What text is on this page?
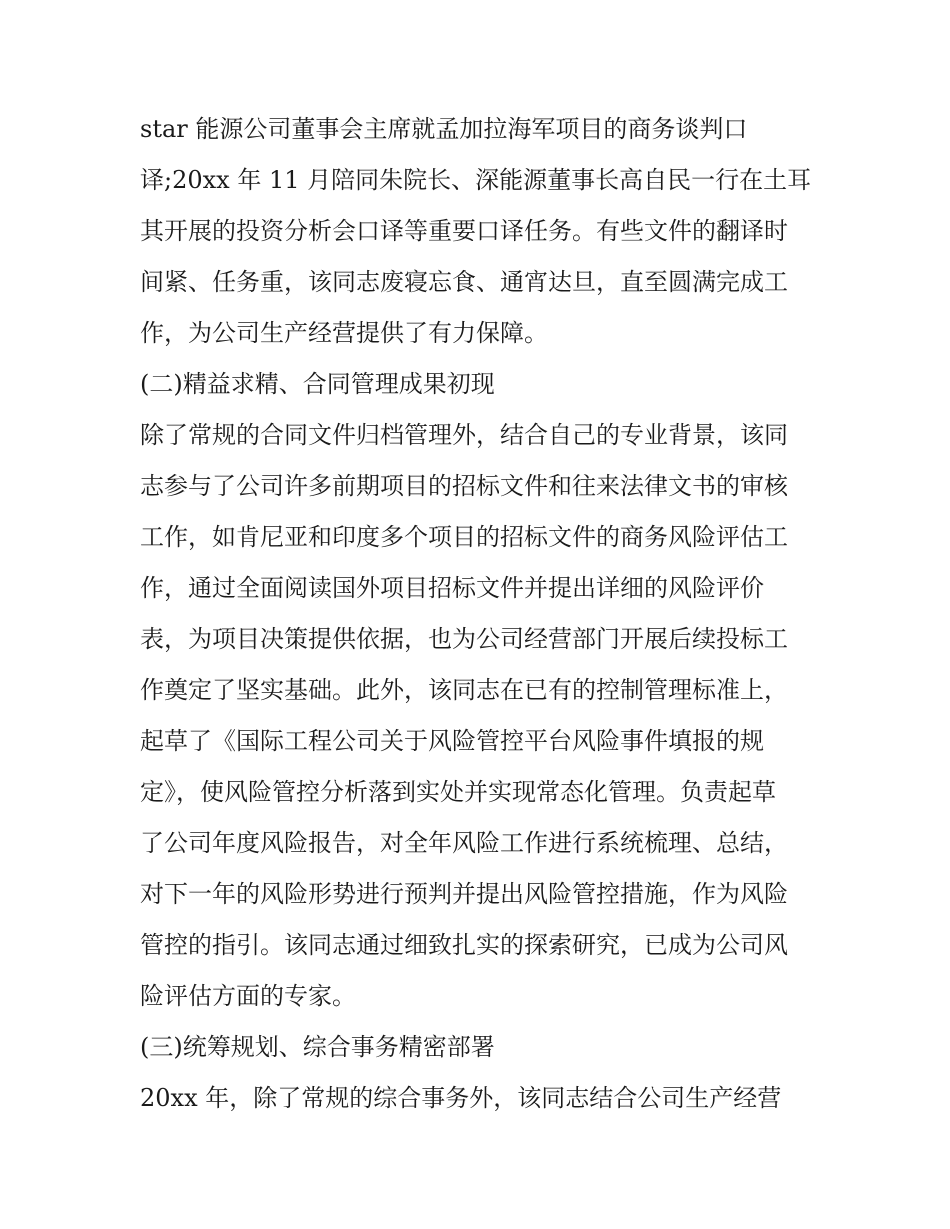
star 能源公司董事会主席就孟加拉海军项目的商务谈判口
译;20xx 年 11 月陪同朱院长、深能源董事长高自民一行在土耳
其开展的投资分析会口译等重要口译任务。有些文件的翻译时
间紧、任务重，该同志废寝忘食、通宵达旦，直至圆满完成工
作，为公司生产经营提供了有力保障。
(二)精益求精、合同管理成果初现
除了常规的合同文件归档管理外，结合自己的专业背景，该同
志参与了公司许多前期项目的招标文件和往来法律文书的审核
工作，如肯尼亚和印度多个项目的招标文件的商务风险评估工
作，通过全面阅读国外项目招标文件并提出详细的风险评价
表，为项目决策提供依据，也为公司经营部门开展后续投标工
作奠定了坚实基础。此外，该同志在已有的控制管理标准上，
起草了《国际工程公司关于风险管控平台风险事件填报的规
定》，使风险管控分析落到实处并实现常态化管理。负责起草
了公司年度风险报告，对全年风险工作进行系统梳理、总结，
对下一年的风险形势进行预判并提出风险管控措施，作为风险
管控的指引。该同志通过细致扎实的探索研究，已成为公司风
险评估方面的专家。
(三)统筹规划、综合事务精密部署
20xx 年，除了常规的综合事务外，该同志结合公司生产经营
